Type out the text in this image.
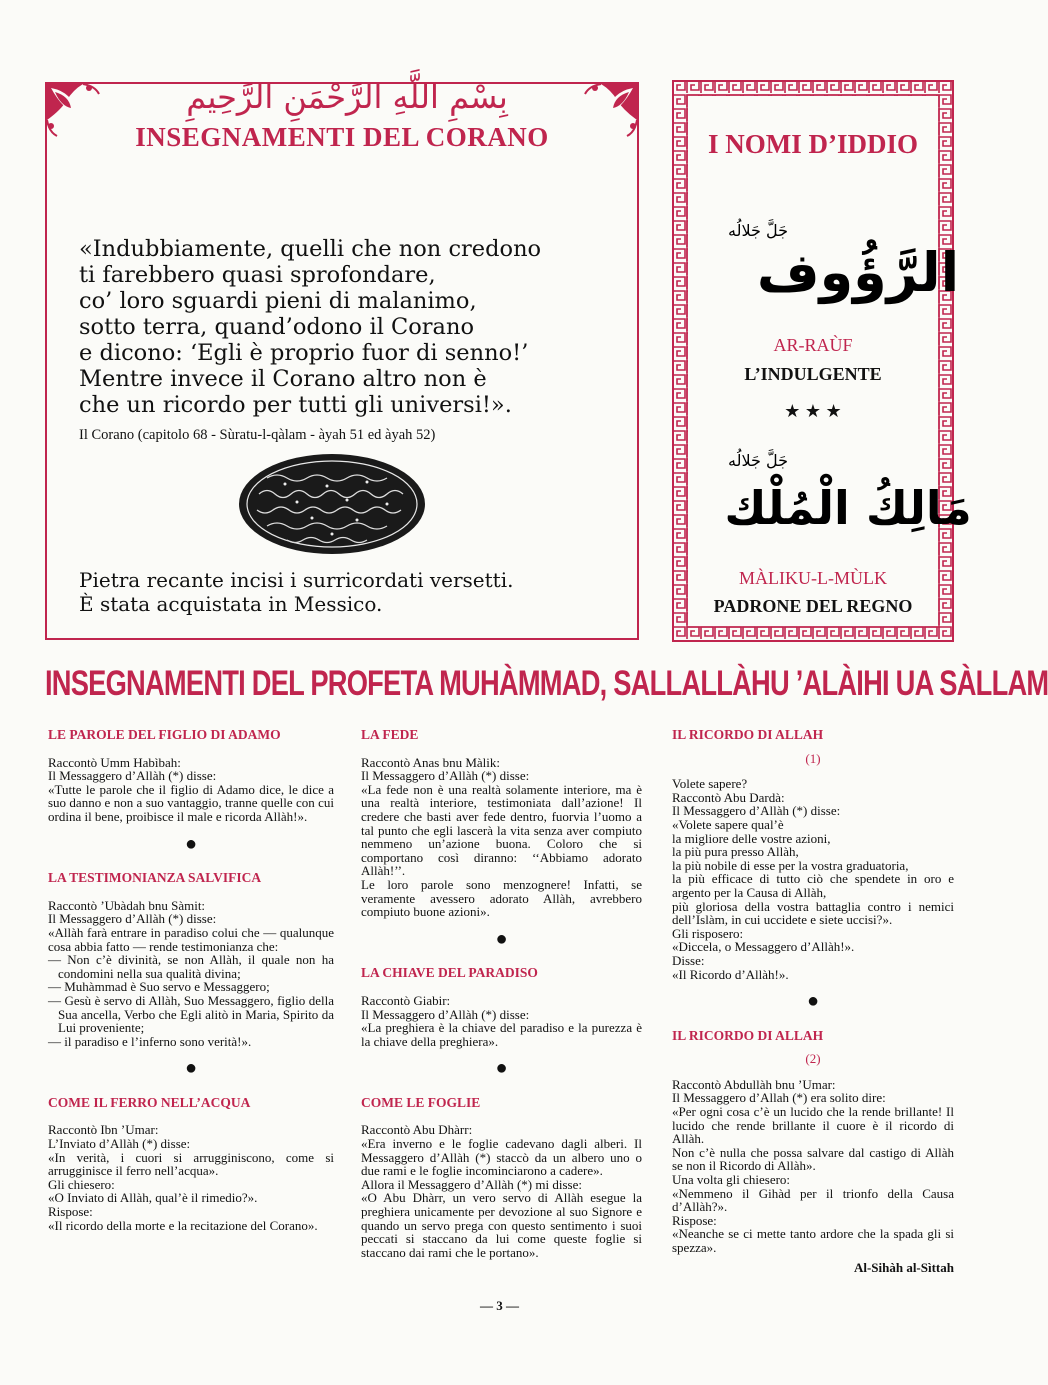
بِسْمِ اللَّهِ الرَّحْمَنِ الرَّحِيمِ
INSEGNAMENTI DEL CORANO
«Indubbiamente, quelli che non credono
ti farebbero quasi sprofondare,
co’ loro sguardi pieni di malanimo,
sotto terra, quand’odono il Corano
e dicono: ‘Egli è proprio fuor di senno!’
Mentre invece il Corano altro non è
che un ricordo per tutti gli universi!».
Il Corano (capitolo 68 - Sùratu-l-qàlam - àyah 51 ed àyah 52)
Pietra recante incisi i surricordati versetti.
È stata acquistata in Messico.
I NOMI D’IDDIO
الرَّؤُوف
جَلَّ جَلالُه
AR-RAÙF
L’INDULGENTE
★ ★ ★
مَالِكُ الْمُلْك
جَلَّ جَلالُه
MÀLIKU-L-MÙLK
PADRONE DEL REGNO
INSEGNAMENTI DEL PROFETA MUHÀMMAD, SALLALLÀHU ’ALÀIHI UA SÀLLAM
LE PAROLE DEL FIGLIO DI ADAMO

Raccontò Umm Habìbah:

Il Messaggero d’Allàh (*) disse:

«Tutte le parole che il figlio di Adamo dice, le dice a suo danno e non a suo vantaggio, tranne quelle con cui ordina il bene, proibisce il male e ricorda Allàh!».

●
LA TESTIMONIANZA SALVIFICA

Raccontò ’Ubàdah bnu Sàmit:

Il Messaggero d’Allàh (*) disse:

«Allàh farà entrare in paradiso colui che — qualunque cosa abbia fatto — rende testimonianza che:

— Non c’è divinità, se non Allàh, il quale non ha condomini nella sua qualità divina;

— Muhàmmad è Suo servo e Messaggero;

— Gesù è servo di Allàh, Suo Messaggero, figlio della Sua ancella, Verbo che Egli alitò in Maria, Spirito da Lui proveniente;

— il paradiso e l’inferno sono verità!».

●
COME IL FERRO NELL’ACQUA

Raccontò Ibn ’Umar:

L’Inviato d’Allàh (*) disse:

«In verità, i cuori si arrugginiscono, come si arrugginisce il ferro nell’acqua».

Gli chiesero:

«O Inviato di Allàh, qual’è il rimedio?».

Rispose:

«Il ricordo della morte e la recitazione del Corano».

LA FEDE

Raccontò Anas bnu Màlik:

Il Messaggero d’Allàh (*) disse:

«La fede non è una realtà solamente interiore, ma è una realtà interiore, testimoniata dall’azione! Il credere che basti aver fede dentro, fuorvia l’uomo a tal punto che egli lascerà la vita senza aver compiuto nemmeno un’azione buona. Coloro che si comportano così diranno: ‘‘Abbiamo adorato Allàh!’’.

Le loro parole sono menzognere! Infatti, se veramente avessero adorato Allàh, avrebbero compiuto buone azioni».

●
LA CHIAVE DEL PARADISO

Raccontò Giabir:

Il Messaggero d’Allàh (*) disse:

«La preghiera è la chiave del paradiso e la purezza è la chiave della preghiera».

●
COME LE FOGLIE

Raccontò Abu Dhàrr:

«Era inverno e le foglie cadevano dagli alberi. Il Messaggero d’Allàh (*) staccò da un albero uno o due rami e le foglie incominciarono a cadere».

Allora il Messaggero d’Allàh (*) mi disse:

«O Abu Dhàrr, un vero servo di Allàh esegue la preghiera unicamente per devozione al suo Signore e quando un servo prega con questo sentimento i suoi peccati si staccano da lui come queste foglie si staccano dai rami che le portano».

IL RICORDO DI ALLAH
(1)

Volete sapere?

Raccontò Abu Dardà:

Il Messaggero d’Allàh (*) disse:

«Volete sapere qual’è

la migliore delle vostre azioni,

la più pura presso Allàh,

la più nobile di esse per la vostra graduatoria,

la più efficace di tutto ciò che spendete in oro e argento per la Causa di Allàh,

più gloriosa della vostra battaglia contro i nemici dell’Islàm, in cui uccidete e siete uccisi?».

Gli risposero:

«Diccela, o Messaggero d’Allàh!».

Disse:

«Il Ricordo d’Allàh!».

●
IL RICORDO DI ALLAH
(2)

Raccontò Abdullàh bnu ’Umar:

Il Messaggero d’Allah (*) era solito dire:

«Per ogni cosa c’è un lucido che la rende brillante! Il lucido che rende brillante il cuore è il ricordo di Allàh.

Non c’è nulla che possa salvare dal castigo di Allàh se non il Ricordo di Allàh».

Una volta gli chiesero:

«Nemmeno il Gihàd per il trionfo della Causa d’Allàh?».

Rispose:

«Neanche se ci mette tanto ardore che la spada gli si spezza».

Al-Sihàh al-Sìttah

— 3 —
